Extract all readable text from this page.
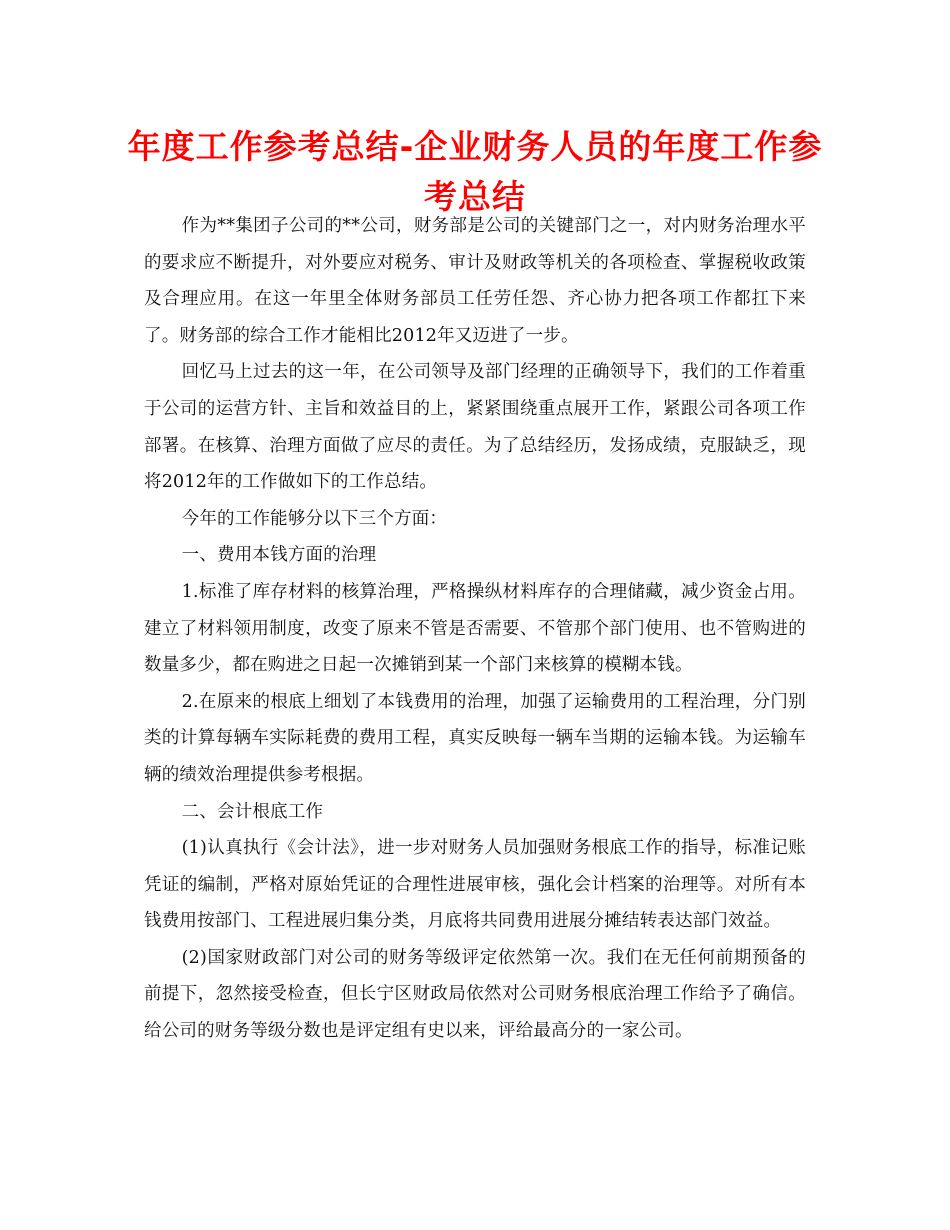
年度工作参考总结-企业财务人员的年度工作参考总结

作为**集团子公司的**公司，财务部是公司的关键部门之一，对内财务治理水平的要求应不断提升，对外要应对税务、审计及财政等机关的各项检查、掌握税收政策及合理应用。在这一年里全体财务部员工任劳任怨、齐心协力把各项工作都扛下来了。财务部的综合工作才能相比2012年又迈进了一步。

回忆马上过去的这一年，在公司领导及部门经理的正确领导下，我们的工作着重于公司的运营方针、主旨和效益目的上，紧紧围绕重点展开工作，紧跟公司各项工作部署。在核算、治理方面做了应尽的责任。为了总结经历，发扬成绩，克服缺乏，现将2012年的工作做如下的工作总结。

今年的工作能够分以下三个方面：

一、费用本钱方面的治理

1.标准了库存材料的核算治理，严格操纵材料库存的合理储藏，减少资金占用。建立了材料领用制度，改变了原来不管是否需要、不管那个部门使用、也不管购进的数量多少，都在购进之日起一次摊销到某一个部门来核算的模糊本钱。

2.在原来的根底上细划了本钱费用的治理，加强了运输费用的工程治理，分门别类的计算每辆车实际耗费的费用工程，真实反映每一辆车当期的运输本钱。为运输车辆的绩效治理提供参考根据。

二、会计根底工作

(1)认真执行《会计法》，进一步对财务人员加强财务根底工作的指导，标准记账凭证的编制，严格对原始凭证的合理性进展审核，强化会计档案的治理等。对所有本钱费用按部门、工程进展归集分类，月底将共同费用进展分摊结转表达部门效益。

(2)国家财政部门对公司的财务等级评定依然第一次。我们在无任何前期预备的前提下，忽然接受检查，但长宁区财政局依然对公司财务根底治理工作给予了确信。给公司的财务等级分数也是评定组有史以来，评给最高分的一家公司。
